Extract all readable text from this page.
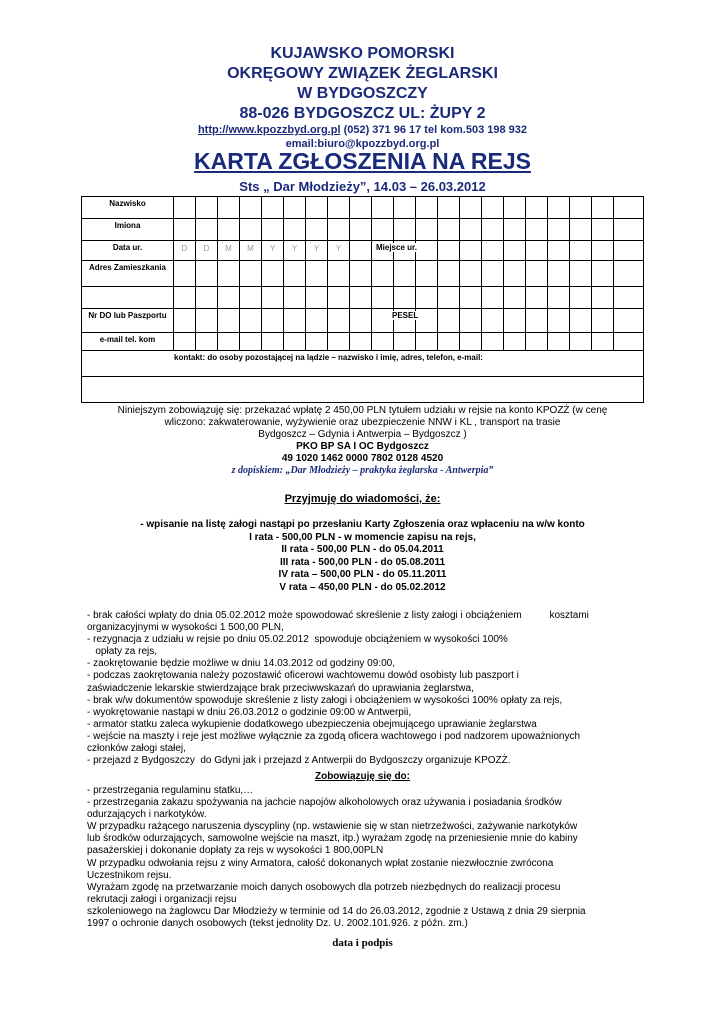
KUJAWSKO POMORSKI
OKRĘGOWY ZWIĄZEK ŻEGLARSKI
W BYDGOSZCZY
88-026 BYDGOSZCZ UL: ŻUPY 2
http://www.kpozzbyd.org.pl (052) 371 96 17 tel kom.503 198 932
email:biuro@kpozzbyd.org.pl
KARTA ZGŁOSZENIA NA REJS
Sts „ Dar Młodzieży”, 14.03 – 26.03.2012
Nazwisko
Imiona
Data ur.	D	D	M	M	Y	Y	Y	Y	Miejsce ur.
Adres Zamieszkania
Nr DO lub Paszportu	PESEL
e-mail tel. kom
kontakt: do osoby pozostającej na lądzie – nazwisko i imię, adres, telefon, e-mail:
Niniejszym zobowiązuję się: przekazać wpłatę 2 450,00 PLN tytułem udziału w rejsie na konto KPOZŻ (w cenę
wliczono: zakwaterowanie, wyżywienie oraz ubezpieczenie NNW i KL , transport na trasie
Bydgoszcz – Gdynia i Antwerpia – Bydgoszcz )
PKO BP SA I OC Bydgoszcz
49 1020 1462 0000 7802 0128 4520
z dopiskiem: „Dar Młodzieży – praktyka żeglarska - Antwerpia”
Przyjmuję do wiadomości, że:
- wpisanie na listę załogi nastąpi po przesłaniu Karty Zgłoszenia oraz wpłaceniu na w/w konto
I rata - 500,00 PLN - w momencie zapisu na rejs,
II rata - 500,00 PLN - do 05.04.2011
III rata - 500,00 PLN - do 05.08.2011
IV rata – 500,00 PLN - do 05.11.2011
V rata – 450,00 PLN - do 05.02.2012
- brak całości wpłaty do dnia 05.02.2012 może spowodować skreślenie z listy załogi i obciążeniem          kosztami
organizacyjnymi w wysokości 1 500,00 PLN,
- rezygnacja z udziału w rejsie po dniu 05.02.2012  spowoduje obciążeniem w wysokości 100%
opłaty za rejs,
- zaokrętowanie będzie możliwe w dniu 14.03.2012 od godziny 09:00,
- podczas zaokrętowania należy pozostawić oficerowi wachtowemu dowód osobisty lub paszport i
zaświadczenie lekarskie stwierdzające brak przeciwwskazań do uprawiania żeglarstwa,
- brak w/w dokumentów spowoduje skreślenie z listy załogi i obciążeniem w wysokości 100% opłaty za rejs,
- wyokrętowanie nastąpi w dniu 26.03.2012 o godzinie 09:00 w Antwerpii,
- armator statku zaleca wykupienie dodatkowego ubezpieczenia obejmującego uprawianie żeglarstwa
- wejście na maszty i reje jest możliwe wyłącznie za zgodą oficera wachtowego i pod nadzorem upoważnionych
członków załogi stałej,
- przejazd z Bydgoszczy  do Gdyni jak i przejazd z Antwerpii do Bydgoszczy organizuje KPOZŻ.
Zobowiązuję się do:
- przestrzegania regulaminu statku,…
- przestrzegania zakazu spożywania na jachcie napojów alkoholowych oraz używania i posiadania środków
odurzających i narkotyków.
W przypadku rażącego naruszenia dyscypliny (np. wstawienie się w stan nietrzeźwości, zażywanie narkotyków
lub środków odurzających, samowolne wejście na maszt, itp.) wyrażam zgodę na przeniesienie mnie do kabiny
pasażerskiej i dokonanie dopłaty za rejs w wysokości 1 800,00PLN
W przypadku odwołania rejsu z winy Armatora, całość dokonanych wpłat zostanie niezwłocznie zwrócona
Uczestnikom rejsu.
Wyrażam zgodę na przetwarzanie moich danych osobowych dla potrzeb niezbędnych do realizacji procesu
rekrutacji załogi i organizacji rejsu
szkoleniowego na żaglowcu Dar Młodzieży w terminie od 14 do 26.03.2012, zgodnie z Ustawą z dnia 29 sierpnia
1997 o ochronie danych osobowych (tekst jednolity Dz. U. 2002.101.926. z późn. zm.)
data i podpis
